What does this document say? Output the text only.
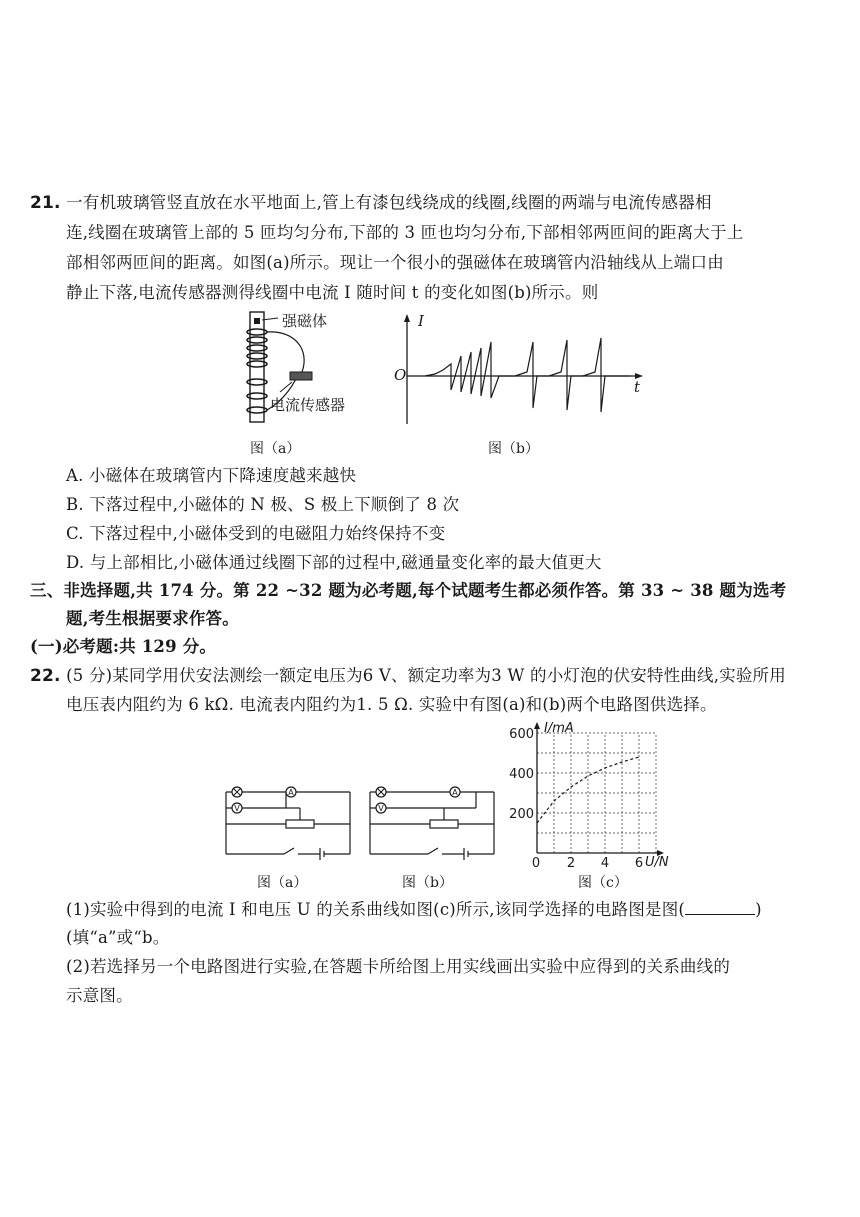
21. 一有机玻璃管竖直放在水平地面上,管上有漆包线绕成的线圈,线圈的两端与电流传感器相
连,线圈在玻璃管上部的 5 匝均匀分布,下部的 3 匝也均匀分布,下部相邻两匝间的距离大于上
部相邻两匝间的距离。如图(a)所示。现让一个很小的强磁体在玻璃管内沿轴线从上端口由
静止下落,电流传感器测得线圈中电流 I 随时间 t 的变化如图(b)所示。则
强磁体
电流传感器
图（a）
I
t
O
图（b）
A. 小磁体在玻璃管内下降速度越来越快
B. 下落过程中,小磁体的 N 极、S 极上下顺倒了 8 次
C. 下落过程中,小磁体受到的电磁阻力始终保持不变
D. 与上部相比,小磁体通过线圈下部的过程中,磁通量变化率的最大值更大
三、非选择题,共 174 分。第 22 ~32 题为必考题,每个试题考生都必须作答。第 33 ~ 38 题为选考
题,考生根据要求作答。
(一)必考题:共 129 分。
22. (5 分)某同学用伏安法测绘一额定电压为6 V、额定功率为3 W 的小灯泡的伏安特性曲线,实验所用
电压表内阻约为 6 kΩ. 电流表内阻约为1. 5 Ω. 实验中有图(a)和(b)两个电路图供选择。
A
V
图（a）
A
V
图（b）
0 2 4 6
200
400
600 I/mA
U/N
图（c）
(1)实验中得到的电流 I 和电压 U 的关系曲线如图(c)所示,该同学选择的电路图是图(	)
(填“a”或“b。
(2)若选择另一个电路图进行实验,在答题卡所给图上用实线画出实验中应得到的关系曲线的
示意图。
